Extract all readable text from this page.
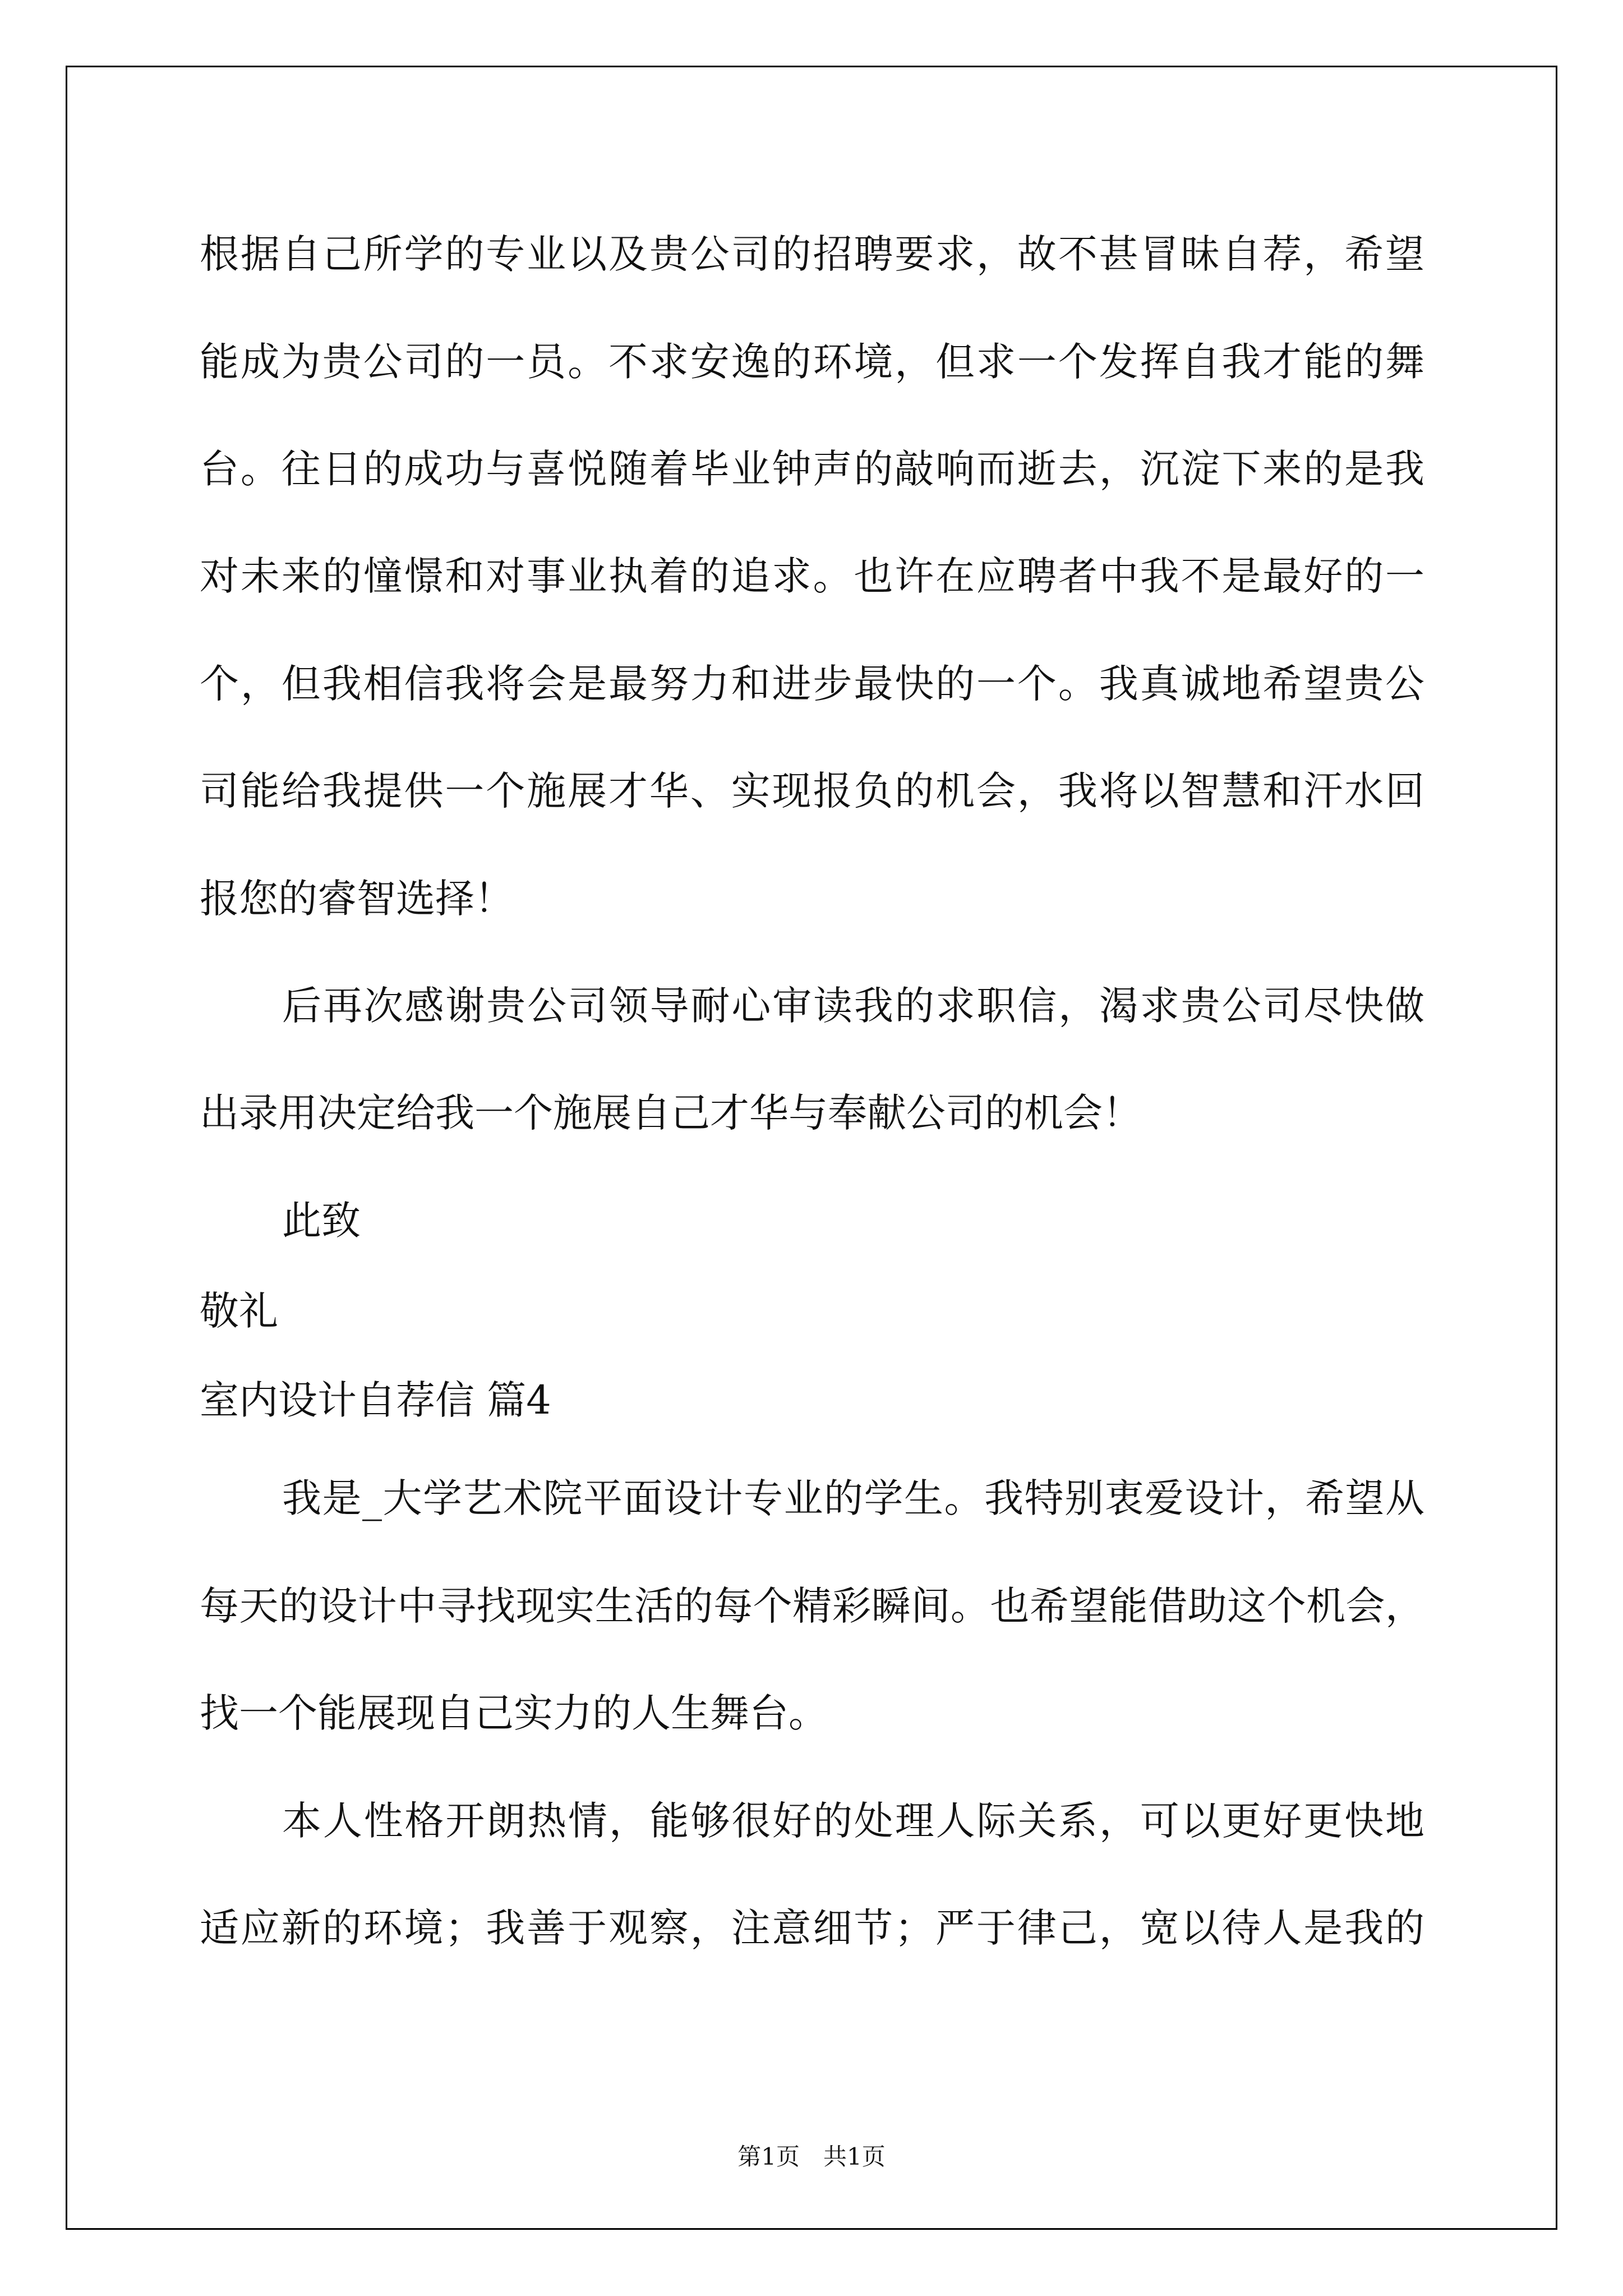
根据自己所学的专业以及贵公司的招聘要求，故不甚冒昧自荐，希望
能成为贵公司的一员。不求安逸的环境，但求一个发挥自我才能的舞
台。往日的成功与喜悦随着毕业钟声的敲响而逝去，沉淀下来的是我
对未来的憧憬和对事业执着的追求。也许在应聘者中我不是最好的一
个，但我相信我将会是最努力和进步最快的一个。我真诚地希望贵公
司能给我提供一个施展才华、实现报负的机会，我将以智慧和汗水回
报您的睿智选择！
后再次感谢贵公司领导耐心审读我的求职信，渴求贵公司尽快做
出录用决定给我一个施展自己才华与奉献公司的机会！
此致
敬礼
室内设计自荐信 篇4
我是_大学艺术院平面设计专业的学生。我特别衷爱设计，希望从
每天的设计中寻找现实生活的每个精彩瞬间。也希望能借助这个机会，
找一个能展现自己实力的人生舞台。
本人性格开朗热情，能够很好的处理人际关系，可以更好更快地
适应新的环境；我善于观察，注意细节；严于律己，宽以待人是我的
第1页　共1页
